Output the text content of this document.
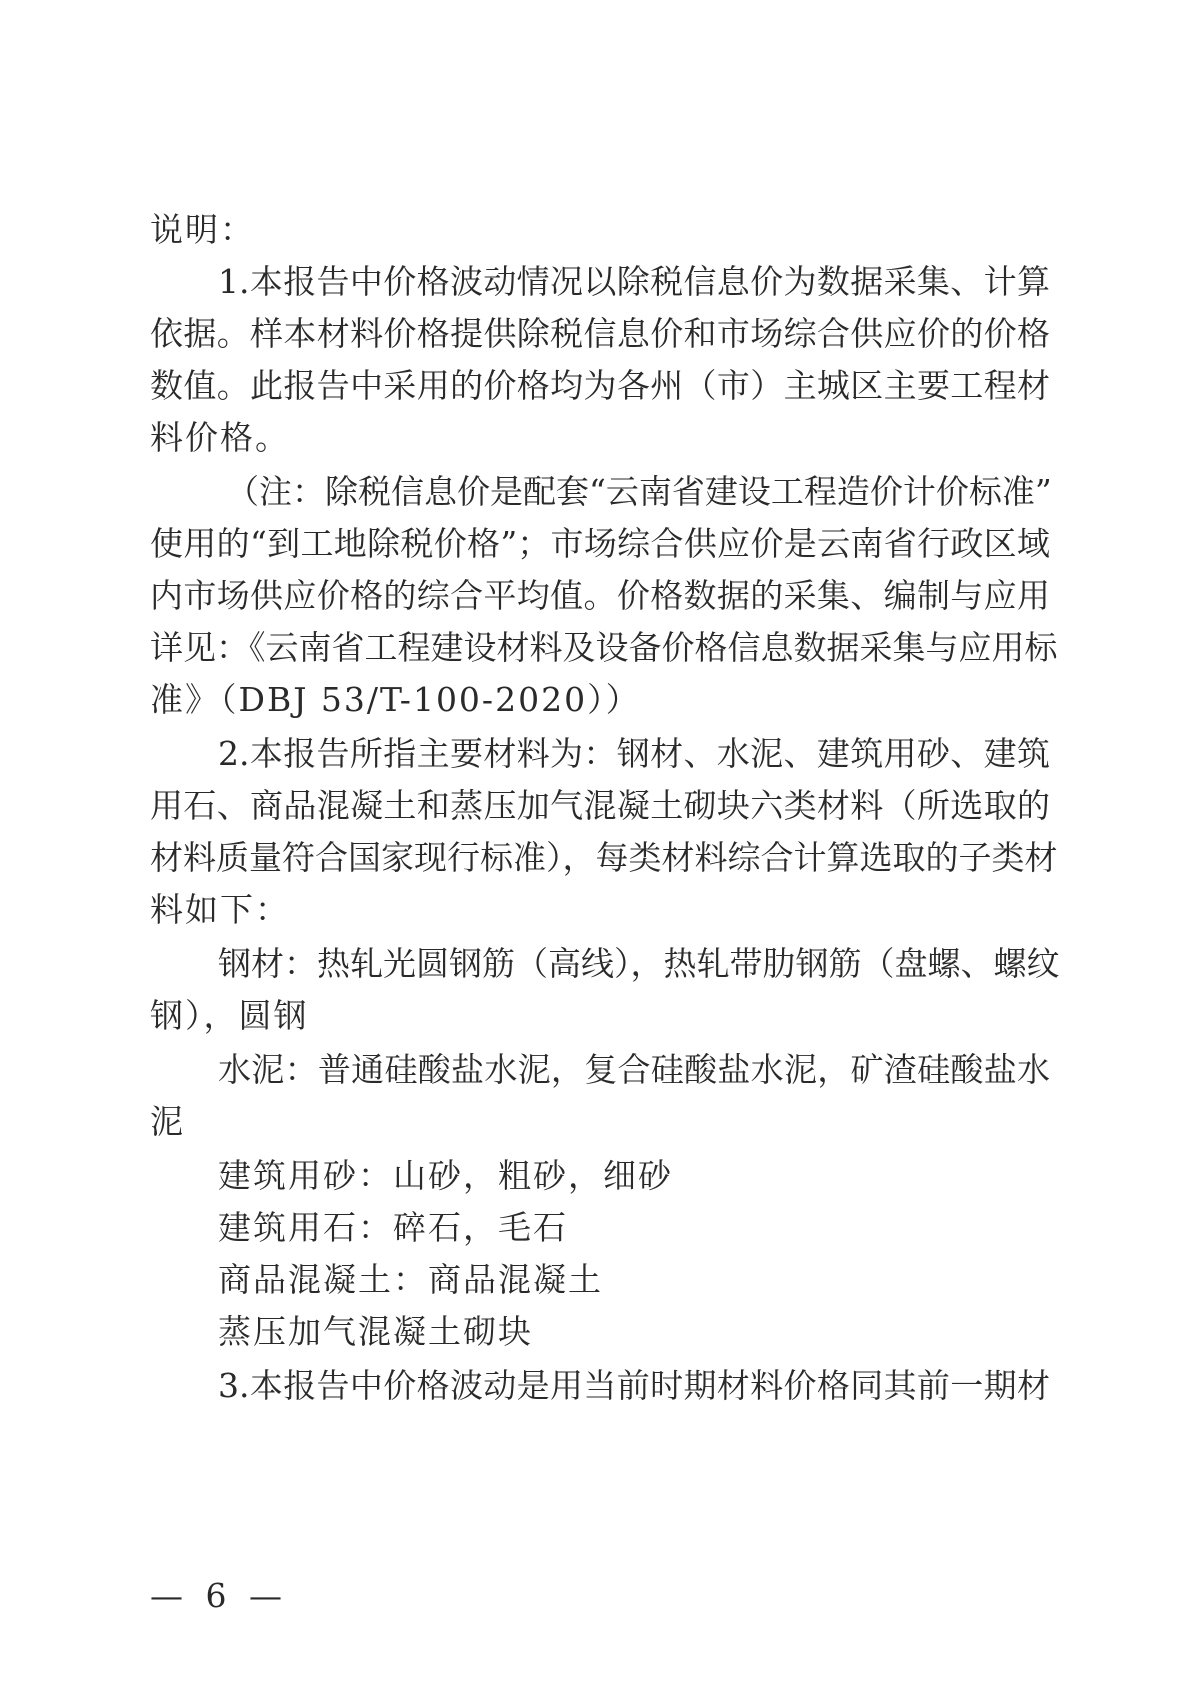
说明：
1.本报告中价格波动情况以除税信息价为数据采集、计算
依据。样本材料价格提供除税信息价和市场综合供应价的价格
数值。此报告中采用的价格均为各州（市）主城区主要工程材
料价格。
（注：除税信息价是配套“云南省建设工程造价计价标准”
使用的“到工地除税价格”；市场综合供应价是云南省行政区域
内市场供应价格的综合平均值。价格数据的采集、编制与应用
详见：《云南省工程建设材料及设备价格信息数据采集与应用标
准》（DBJ 53/T-100-2020））
2.本报告所指主要材料为：钢材、水泥、建筑用砂、建筑
用石、商品混凝土和蒸压加气混凝土砌块六类材料（所选取的
材料质量符合国家现行标准），每类材料综合计算选取的子类材
料如下：
钢材：热轧光圆钢筋（高线），热轧带肋钢筋（盘螺、螺纹
钢），圆钢
水泥：普通硅酸盐水泥，复合硅酸盐水泥，矿渣硅酸盐水
泥
建筑用砂：山砂，粗砂，细砂
建筑用石：碎石，毛石
商品混凝土：商品混凝土
蒸压加气混凝土砌块
3.本报告中价格波动是用当前时期材料价格同其前一期材
— 6 —
